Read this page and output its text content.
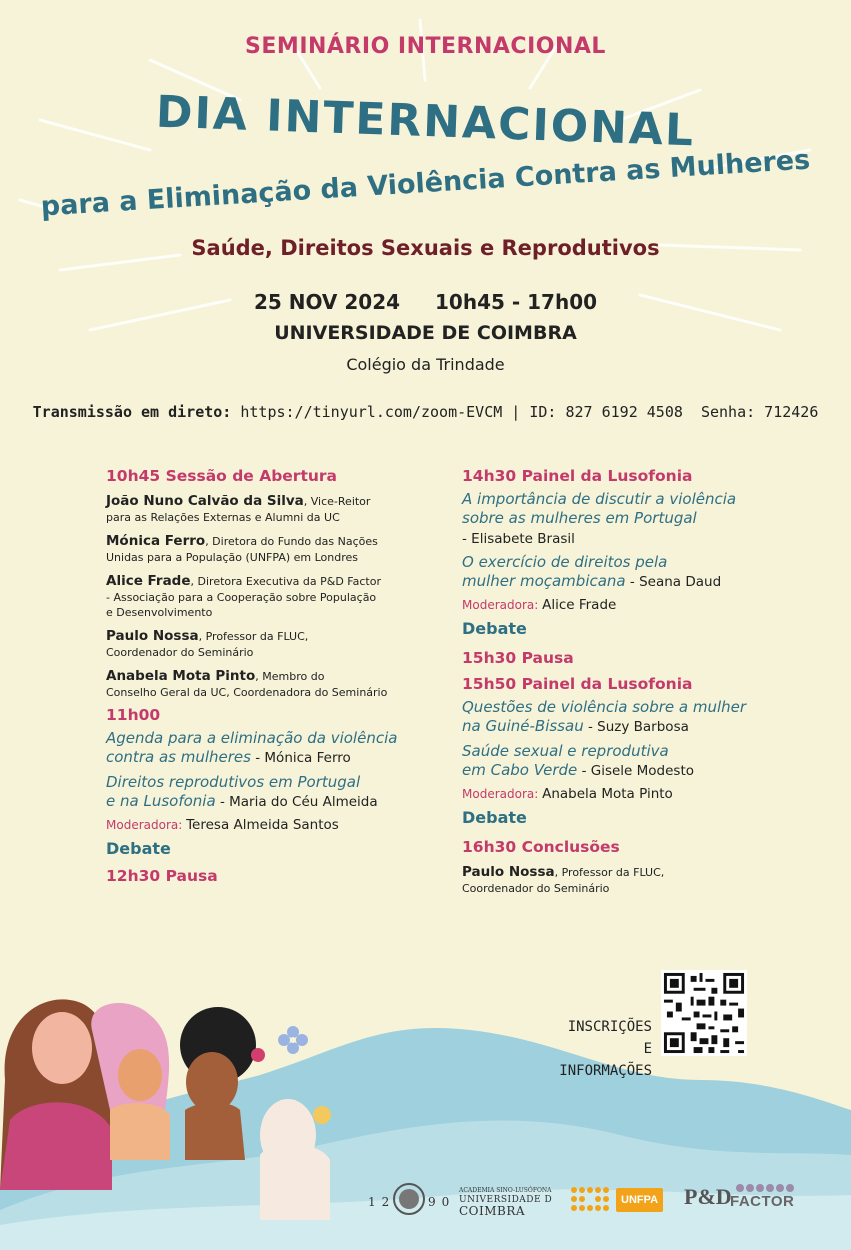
SEMINÁRIO INTERNACIONAL
DIA INTERNACIONAL
para a Eliminação da Violência Contra as Mulheres
Saúde, Direitos Sexuais e Reprodutivos
25 NOV 2024 10h45 - 17h00
UNIVERSIDADE DE COIMBRA
Colégio da Trindade
Transmissão em direto: https://tinyurl.com/zoom-EVCM | ID: 827 6192 4508 Senha: 712426
10h45 Sessão de Abertura
João Nuno Calvão da Silva, Vice-Reitor
para as Relações Externas e Alumni da UC
Mónica Ferro, Diretora do Fundo das Nações
Unidas para a População (UNFPA) em Londres
Alice Frade, Diretora Executiva da P&D Factor
- Associação para a Cooperação sobre População
e Desenvolvimento
Paulo Nossa, Professor da FLUC,
Coordenador do Seminário
Anabela Mota Pinto, Membro do
Conselho Geral da UC, Coordenadora do Seminário
11h00
Agenda para a eliminação da violência
contra as mulheres - Mónica Ferro
Direitos reprodutivos em Portugal
e na Lusofonia - Maria do Céu Almeida
Moderadora: Teresa Almeida Santos
Debate
12h30 Pausa
14h30 Painel da Lusofonia
A importância de discutir a violência
sobre as mulheres em Portugal
- Elisabete Brasil
O exercício de direitos pela
mulher moçambicana - Seana Daud
Moderadora: Alice Frade
Debate
15h30 Pausa
15h50 Painel da Lusofonia
Questões de violência sobre a mulher
na Guiné-Bissau - Suzy Barbosa
Saúde sexual e reprodutiva
em Cabo Verde - Gisele Modesto
Moderadora: Anabela Mota Pinto
Debate
16h30 Conclusões
Paulo Nossa, Professor da FLUC,
Coordenador do Seminário
INSCRIÇÕES E
INFORMAÇÕES
12	90
ACADEMIA SINO-LUSÓFONA
UNIVERSIDADE D
COIMBRA
UNFPA P&D
FACTOR
